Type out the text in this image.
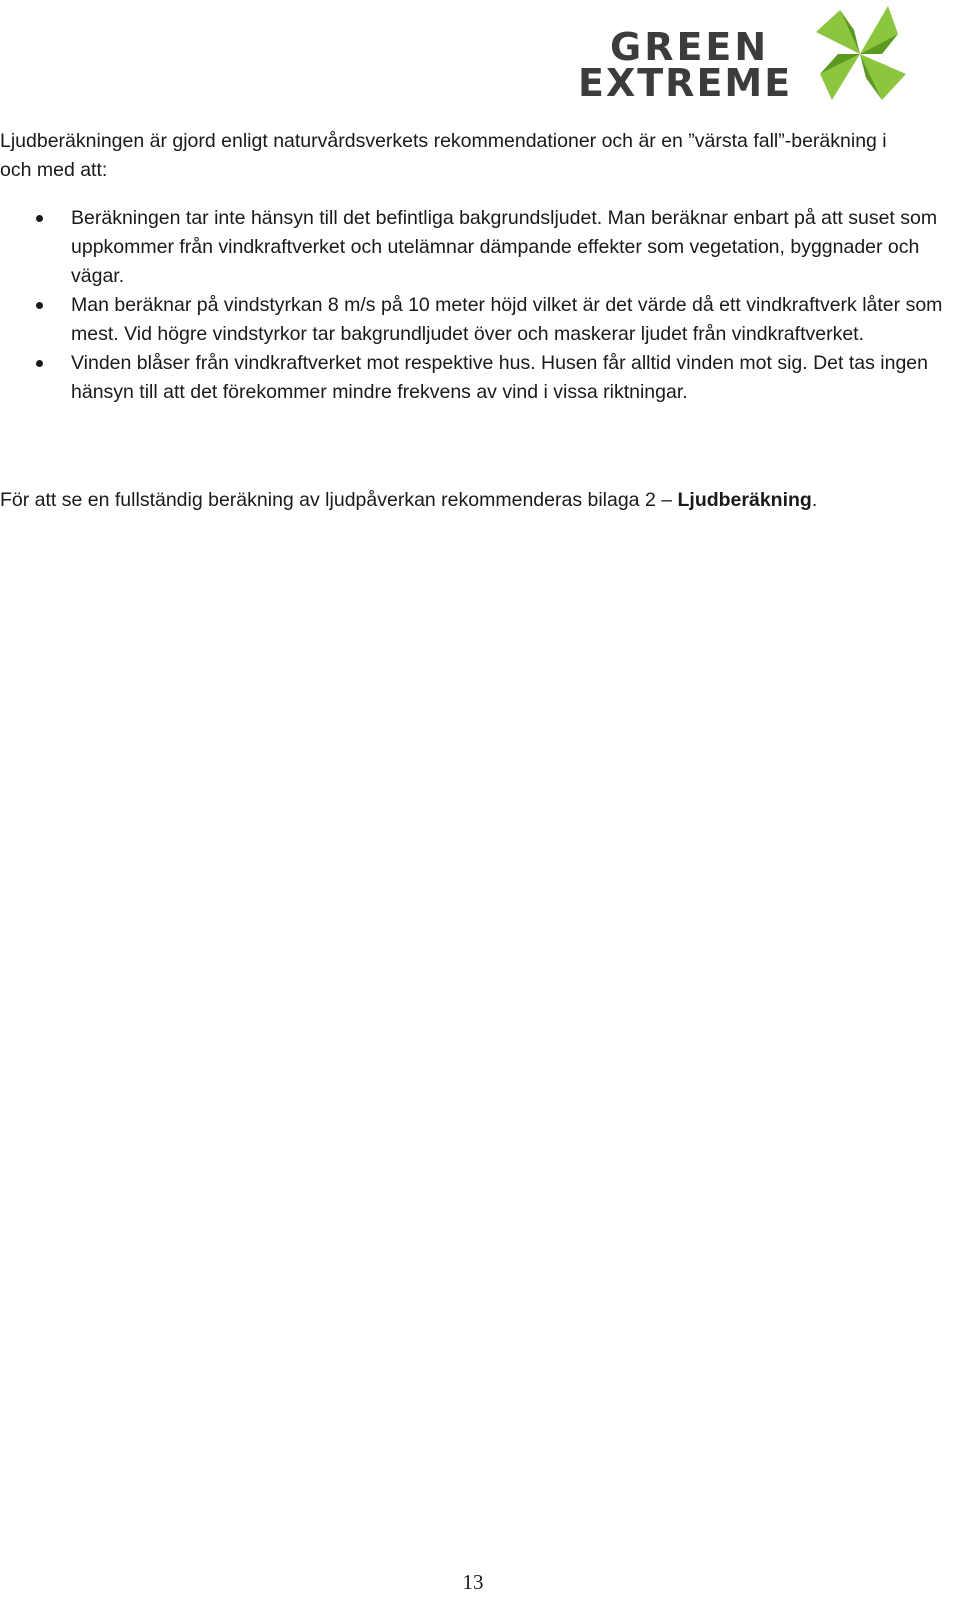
GREEN
EXTREME

Ljudberäkningen är gjord enligt naturvårdsverkets rekommendationer och är en ”värsta fall”-beräkning i och med att:

Beräkningen tar inte hänsyn till det befintliga bakgrundsljudet. Man beräknar enbart på att suset som uppkommer från vindkraftverket och utelämnar dämpande effekter som vegetation, byggnader och vägar.
Man beräknar på vindstyrkan 8 m/s på 10 meter höjd vilket är det värde då ett vindkraftverk låter som mest. Vid högre vindstyrkor tar bakgrundljudet över och maskerar ljudet från vindkraftverket.
Vinden blåser från vindkraftverket mot respektive hus. Husen får alltid vinden mot sig. Det tas ingen hänsyn till att det förekommer mindre frekvens av vind i vissa riktningar.

För att se en fullständig beräkning av ljudpåverkan rekommenderas bilaga 2 – Ljudberäkning.

13
